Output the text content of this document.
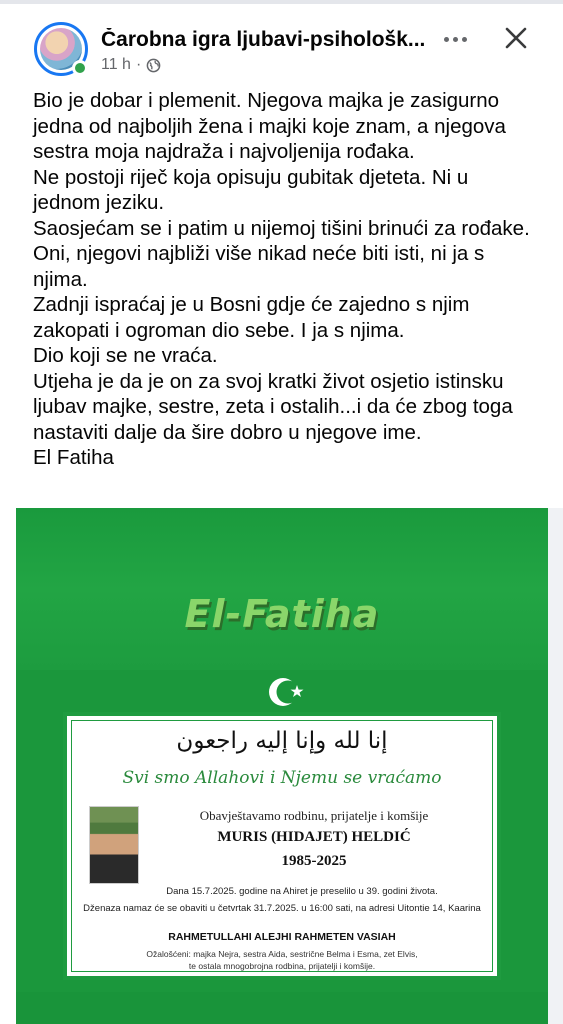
Čarobna igra ljubavi-psihološk...
11 h ·

Bio je dobar i plemenit. Njegova majka je zasigurno jedna od najboljih žena i majki koje znam, a njegova sestra moja najdraža i najvoljenija rođaka.

Ne postoji riječ koja opisuju gubitak djeteta. Ni u jednom jeziku.

Saosjećam se i patim u nijemoj tišini brinući za rođake. Oni, njegovi najbliži više nikad neće biti isti, ni ja s njima.

Zadnji ispraćaj je u Bosni gdje će zajedno s njim zakopati i ogroman dio sebe. I ja s njima.

Dio koji se ne vraća.

Utjeha je da je on za svoj kratki život osjetio istinsku ljubav majke, sestre, zeta i ostalih...i da će zbog toga nastaviti dalje da šire dobro u njegove ime.

El Fatiha

El-Fatiha
إنا لله وإنا إليه راجعون
Svi smo Allahovi i Njemu se vraćamo
Obavještavamo rodbinu, prijatelje i komšije
MURIS (HIDAJET) HELDIĆ
1985-2025
Dana 15.7.2025. godine na Ahiret je preselilo u 39. godini života.
Dženaza namaz će se obaviti u četvrtak 31.7.2025. u 16:00 sati, na adresi Uitontie 14, Kaarina
RAHMETULLAHI ALEJHI RAHMETEN VASIAH
Ožalošćeni: majka Nejra, sestra Aida, sestrične Belma i Esma, zet Elvis,
te ostala mnogobrojna rodbina, prijatelji i komšije.
